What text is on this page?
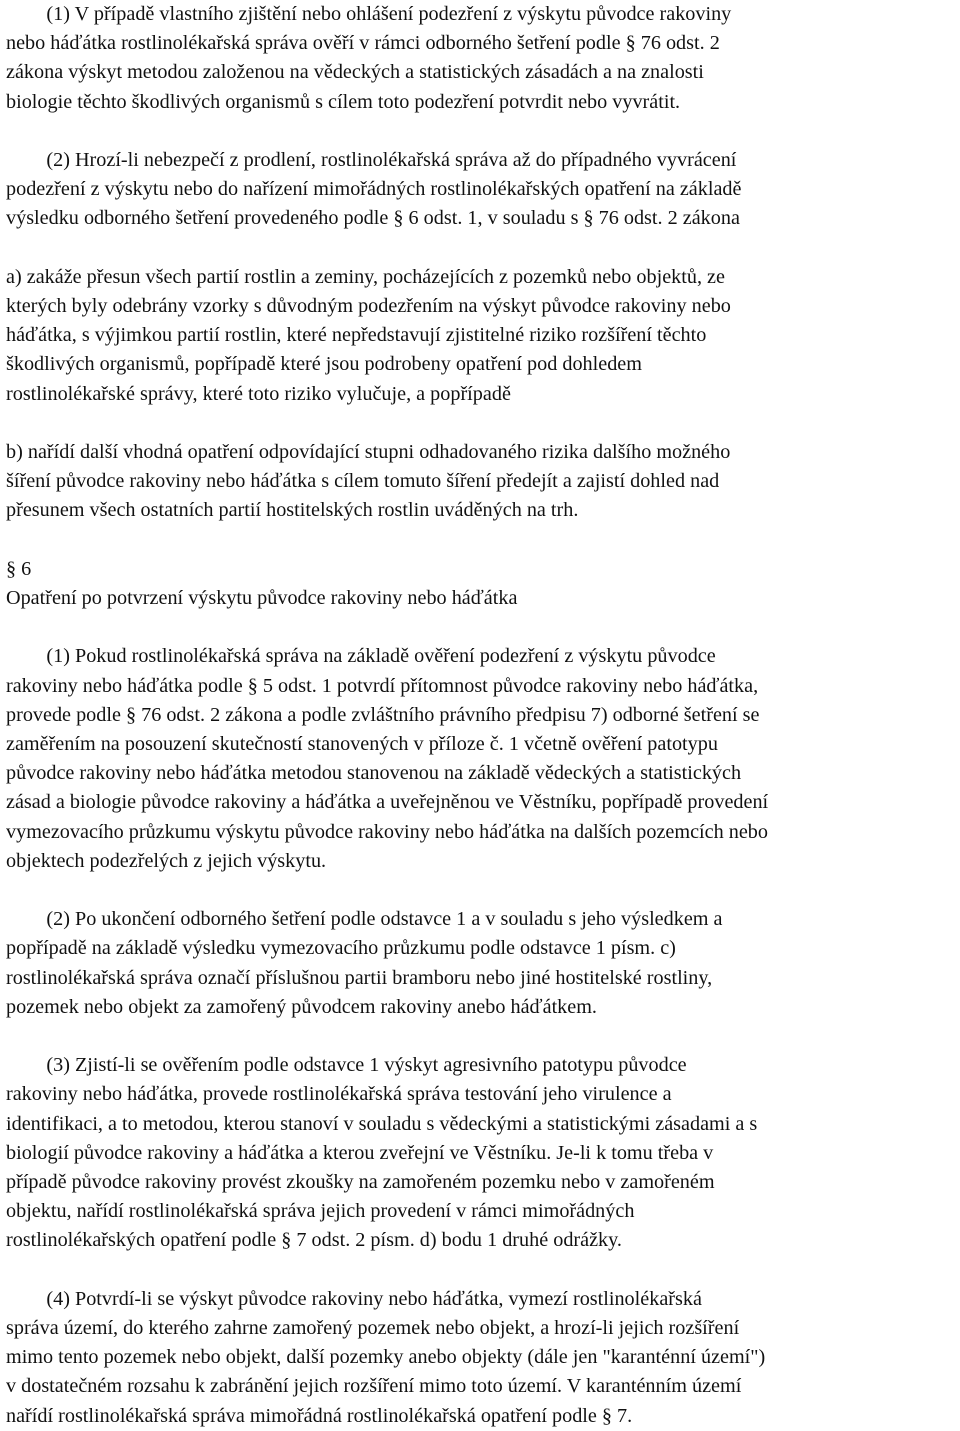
(1) V případě vlastního zjištění nebo ohlášení podezření z výskytu původce rakoviny
nebo háďátka rostlinolékařská správa ověří v rámci odborného šetření podle § 76 odst. 2
zákona výskyt metodou založenou na vědeckých a statistických zásadách a na znalosti
biologie těchto škodlivých organismů s cílem toto podezření potvrdit nebo vyvrátit.
(2) Hrozí-li nebezpečí z prodlení, rostlinolékařská správa až do případného vyvrácení
podezření z výskytu nebo do nařízení mimořádných rostlinolékařských opatření na základě
výsledku odborného šetření provedeného podle § 6 odst. 1, v souladu s § 76 odst. 2 zákona
a) zakáže přesun všech partií rostlin a zeminy, pocházejících z pozemků nebo objektů, ze
kterých byly odebrány vzorky s důvodným podezřením na výskyt původce rakoviny nebo
háďátka, s výjimkou partií rostlin, které nepředstavují zjistitelné riziko rozšíření těchto
škodlivých organismů, popřípadě které jsou podrobeny opatření pod dohledem
rostlinolékařské správy, které toto riziko vylučuje, a popřípadě
b) nařídí další vhodná opatření odpovídající stupni odhadovaného rizika dalšího možného
šíření původce rakoviny nebo háďátka s cílem tomuto šíření předejít a zajistí dohled nad
přesunem všech ostatních partií hostitelských rostlin uváděných na trh.
§ 6
Opatření po potvrzení výskytu původce rakoviny nebo háďátka
(1) Pokud rostlinolékařská správa na základě ověření podezření z výskytu původce
rakoviny nebo háďátka podle § 5 odst. 1 potvrdí přítomnost původce rakoviny nebo háďátka,
provede podle § 76 odst. 2 zákona a podle zvláštního právního předpisu 7) odborné šetření se
zaměřením na posouzení skutečností stanovených v příloze č. 1 včetně ověření patotypu
původce rakoviny nebo háďátka metodou stanovenou na základě vědeckých a statistických
zásad a biologie původce rakoviny a háďátka a uveřejněnou ve Věstníku, popřípadě provedení
vymezovacího průzkumu výskytu původce rakoviny nebo háďátka na dalších pozemcích nebo
objektech podezřelých z jejich výskytu.
(2) Po ukončení odborného šetření podle odstavce 1 a v souladu s jeho výsledkem a
popřípadě na základě výsledku vymezovacího průzkumu podle odstavce 1 písm. c)
rostlinolékařská správa označí příslušnou partii bramboru nebo jiné hostitelské rostliny,
pozemek nebo objekt za zamořený původcem rakoviny anebo háďátkem.
(3) Zjistí-li se ověřením podle odstavce 1 výskyt agresivního patotypu původce
rakoviny nebo háďátka, provede rostlinolékařská správa testování jeho virulence a
identifikaci, a to metodou, kterou stanoví v souladu s vědeckými a statistickými zásadami a s
biologií původce rakoviny a háďátka a kterou zveřejní ve Věstníku. Je-li k tomu třeba v
případě původce rakoviny provést zkoušky na zamořeném pozemku nebo v zamořeném
objektu, nařídí rostlinolékařská správa jejich provedení v rámci mimořádných
rostlinolékařských opatření podle § 7 odst. 2 písm. d) bodu 1 druhé odrážky.
(4) Potvrdí-li se výskyt původce rakoviny nebo háďátka, vymezí rostlinolékařská
správa území, do kterého zahrne zamořený pozemek nebo objekt, a hrozí-li jejich rozšíření
mimo tento pozemek nebo objekt, další pozemky anebo objekty (dále jen "karanténní území")
v dostatečném rozsahu k zabránění jejich rozšíření mimo toto území. V karanténním území
nařídí rostlinolékařská správa mimořádná rostlinolékařská opatření podle § 7.
